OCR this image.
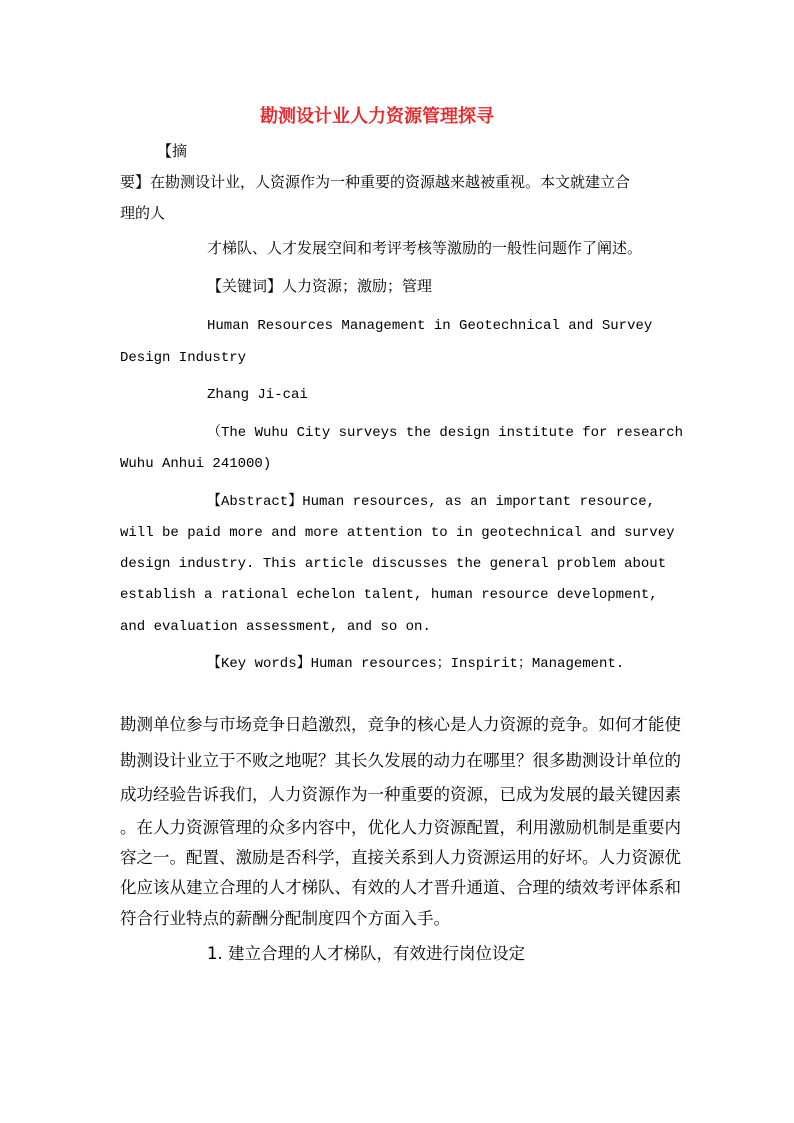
勘测设计业人力资源管理探寻
【摘
要】在勘测设计业，人资源作为一种重要的资源越来越被重视。本文就建立合
理的人
才梯队、人才发展空间和考评考核等激励的一般性问题作了阐述。
【关键词】人力资源；激励；管理
Human Resources Management in Geotechnical and Survey
Design Industry
Zhang Ji-cai
（The Wuhu City surveys the design institute for research
Wuhu Anhui 241000)
【Abstract】Human resources, as an important resource,
will be paid more and more attention to in geotechnical and survey
design industry. This article discusses the general problem about
establish a rational echelon talent, human resource development,
and evaluation assessment, and so on.
【Key words】Human resources；Inspirit；Management.
勘测单位参与市场竞争日趋激烈，竞争的核心是人力资源的竞争。如何才能使
勘测设计业立于不败之地呢？其长久发展的动力在哪里？很多勘测设计单位的
成功经验告诉我们，人力资源作为一种重要的资源，已成为发展的最关键因素
。在人力资源管理的众多内容中，优化人力资源配置，利用激励机制是重要内
容之一。配置、激励是否科学，直接关系到人力资源运用的好坏。人力资源优
化应该从建立合理的人才梯队、有效的人才晋升通道、合理的绩效考评体系和
符合行业特点的薪酬分配制度四个方面入手。
1. 建立合理的人才梯队，有效进行岗位设定
